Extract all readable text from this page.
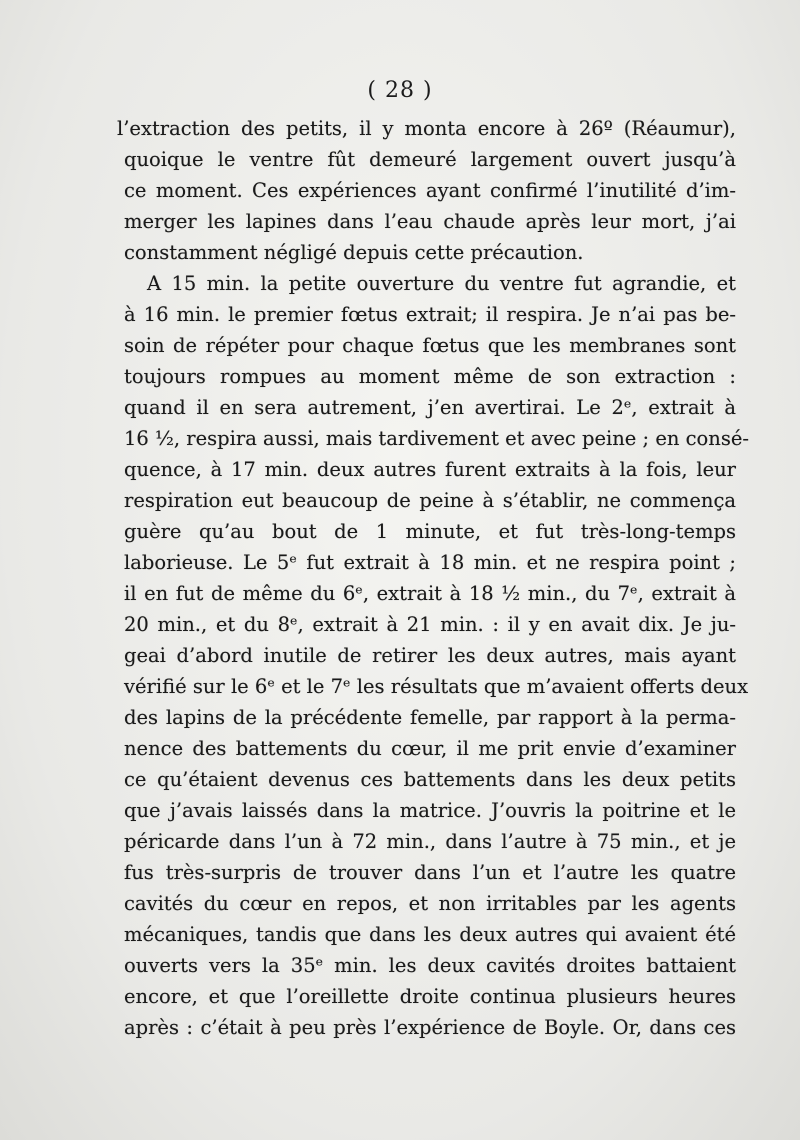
( 28 )
l’extraction des petits, il y monta encore à 26º (Réaumur),
quoique le ventre fût demeuré largement ouvert jusqu’à
ce moment. Ces expériences ayant confirmé l’inutilité d’im-
merger les lapines dans l’eau chaude après leur mort, j’ai
constamment négligé depuis cette précaution.
A 15 min. la petite ouverture du ventre fut agrandie, et
à 16 min. le premier fœtus extrait; il respira. Je n’ai pas be-
soin de répéter pour chaque fœtus que les membranes sont
toujours rompues au moment même de son extraction :
quand il en sera autrement, j’en avertirai. Le 2ᵉ, extrait à
16 ½, respira aussi, mais tardivement et avec peine ; en consé-
quence, à 17 min. deux autres furent extraits à la fois, leur
respiration eut beaucoup de peine à s’établir, ne commença
guère qu’au bout de 1 minute, et fut très-long-temps
laborieuse. Le 5ᵉ fut extrait à 18 min. et ne respira point ;
il en fut de même du 6ᵉ, extrait à 18 ½ min., du 7ᵉ, extrait à
20 min., et du 8ᵉ, extrait à 21 min. : il y en avait dix. Je ju-
geai d’abord inutile de retirer les deux autres, mais ayant
vérifié sur le 6ᵉ et le 7ᵉ les résultats que m’avaient offerts deux
des lapins de la précédente femelle, par rapport à la perma-
nence des battements du cœur, il me prit envie d’examiner
ce qu’étaient devenus ces battements dans les deux petits
que j’avais laissés dans la matrice. J’ouvris la poitrine et le
péricarde dans l’un à 72 min., dans l’autre à 75 min., et je
fus très-surpris de trouver dans l’un et l’autre les quatre
cavités du cœur en repos, et non irritables par les agents
mécaniques, tandis que dans les deux autres qui avaient été
ouverts vers la 35ᵉ min. les deux cavités droites battaient
encore, et que l’oreillette droite continua plusieurs heures
après : c’était à peu près l’expérience de Boyle. Or, dans ces
